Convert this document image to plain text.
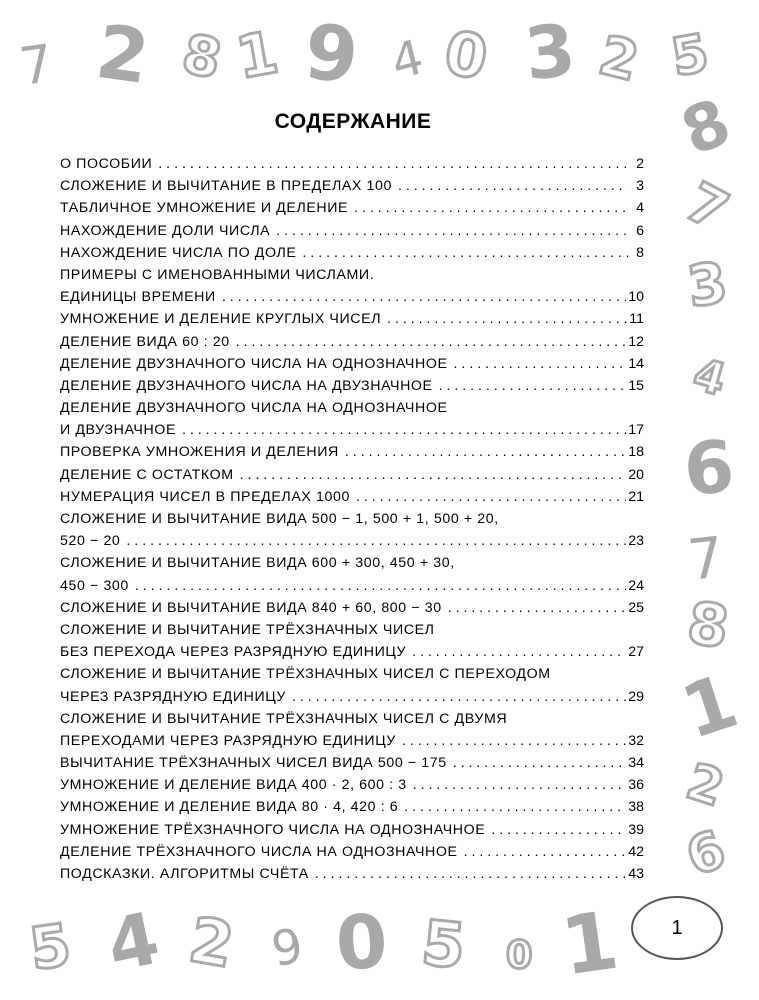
7 2 8 1 9 4 0 3 2 5
8
7
3
4
6
7
8
1
2
6
5 4 2 9 0 5 0 1
СОДЕРЖАНИЕ
О ПОСОБИИ . . .	2
СЛОЖЕНИЕ И ВЫЧИТАНИЕ В ПРЕДЕЛАХ 100 . . .	3
ТАБЛИЧНОЕ УМНОЖЕНИЕ И ДЕЛЕНИЕ . . .	4
НАХОЖДЕНИЕ ДОЛИ ЧИСЛА . . .	6
НАХОЖДЕНИЕ ЧИСЛА ПО ДОЛЕ . . .	8
ПРИМЕРЫ С ИМЕНОВАННЫМИ ЧИСЛАМИ.
ЕДИНИЦЫ ВРЕМЕНИ . . .	10
УМНОЖЕНИЕ И ДЕЛЕНИЕ КРУГЛЫХ ЧИСЕЛ . . .	11
ДЕЛЕНИЕ ВИДА 60 : 20 . . .	12
ДЕЛЕНИЕ ДВУЗНАЧНОГО ЧИСЛА НА ОДНОЗНАЧНОЕ . . .	14
ДЕЛЕНИЕ ДВУЗНАЧНОГО ЧИСЛА НА ДВУЗНАЧНОЕ . . .	15
ДЕЛЕНИЕ ДВУЗНАЧНОГО ЧИСЛА НА ОДНОЗНАЧНОЕ
И ДВУЗНАЧНОЕ . . .	17
ПРОВЕРКА УМНОЖЕНИЯ И ДЕЛЕНИЯ . . .	18
ДЕЛЕНИЕ С ОСТАТКОМ . . .	20
НУМЕРАЦИЯ ЧИСЕЛ В ПРЕДЕЛАХ 1000 . . .	21
СЛОЖЕНИЕ И ВЫЧИТАНИЕ ВИДА 500 − 1, 500 + 1, 500 + 20,
520 − 20 . . .	23
СЛОЖЕНИЕ И ВЫЧИТАНИЕ ВИДА 600 + 300, 450 + 30,
450 − 300 . . .	24
СЛОЖЕНИЕ И ВЫЧИТАНИЕ ВИДА 840 + 60, 800 − 30 . . .	25
СЛОЖЕНИЕ И ВЫЧИТАНИЕ ТРЁХЗНАЧНЫХ ЧИСЕЛ
БЕЗ ПЕРЕХОДА ЧЕРЕЗ РАЗРЯДНУЮ ЕДИНИЦУ . . .	27
СЛОЖЕНИЕ И ВЫЧИТАНИЕ ТРЁХЗНАЧНЫХ ЧИСЕЛ С ПЕРЕХОДОМ
ЧЕРЕЗ РАЗРЯДНУЮ ЕДИНИЦУ . . .	29
СЛОЖЕНИЕ И ВЫЧИТАНИЕ ТРЁХЗНАЧНЫХ ЧИСЕЛ С ДВУМЯ
ПЕРЕХОДАМИ ЧЕРЕЗ РАЗРЯДНУЮ ЕДИНИЦУ . . .	32
ВЫЧИТАНИЕ ТРЁХЗНАЧНЫХ ЧИСЕЛ ВИДА 500 − 175 . . .	34
УМНОЖЕНИЕ И ДЕЛЕНИЕ ВИДА 400 · 2, 600 : 3 . . .	36
УМНОЖЕНИЕ И ДЕЛЕНИЕ ВИДА 80 · 4, 420 : 6 . . .	38
УМНОЖЕНИЕ ТРЁХЗНАЧНОГО ЧИСЛА НА ОДНОЗНАЧНОЕ . . .	39
ДЕЛЕНИЕ ТРЁХЗНАЧНОГО ЧИСЛА НА ОДНОЗНАЧНОЕ . . .	42
ПОДСКАЗКИ. АЛГОРИТМЫ СЧЁТА . . .	43
1
